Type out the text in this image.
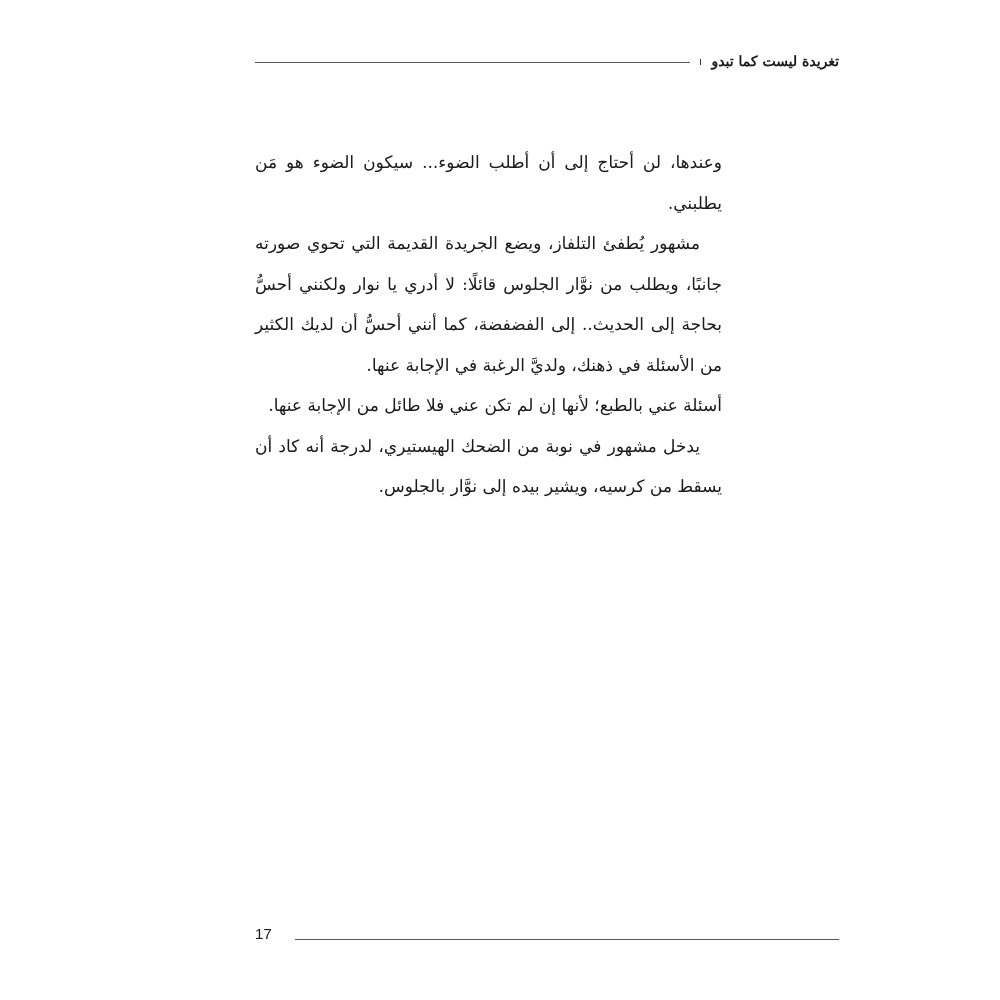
تغريدة ليست كما تبدو

وعندها، لن أحتاج إلى أن أطلب الضوء... سيكون الضوء هو مَن يطلبني.

مشهور يُطفئ التلفاز، ويضع الجريدة القديمة التي تحوي صورته جانبًا، ويطلب من نوَّار الجلوس قائلًا: لا أدري يا نوار ولكنني أحسُّ بحاجة إلى الحديث.. إلى الفضفضة، كما أنني أحسُّ أن لديك الكثير من الأسئلة في ذهنك، ولديَّ الرغبة في الإجابة عنها.

أسئلة عني بالطبع؛ لأنها إن لم تكن عني فلا طائل من الإجابة عنها.

يدخل مشهور في نوبة من الضحك الهيستيري، لدرجة أنه كاد أن يسقط من كرسيه، ويشير بيده إلى نوَّار بالجلوس.

17
